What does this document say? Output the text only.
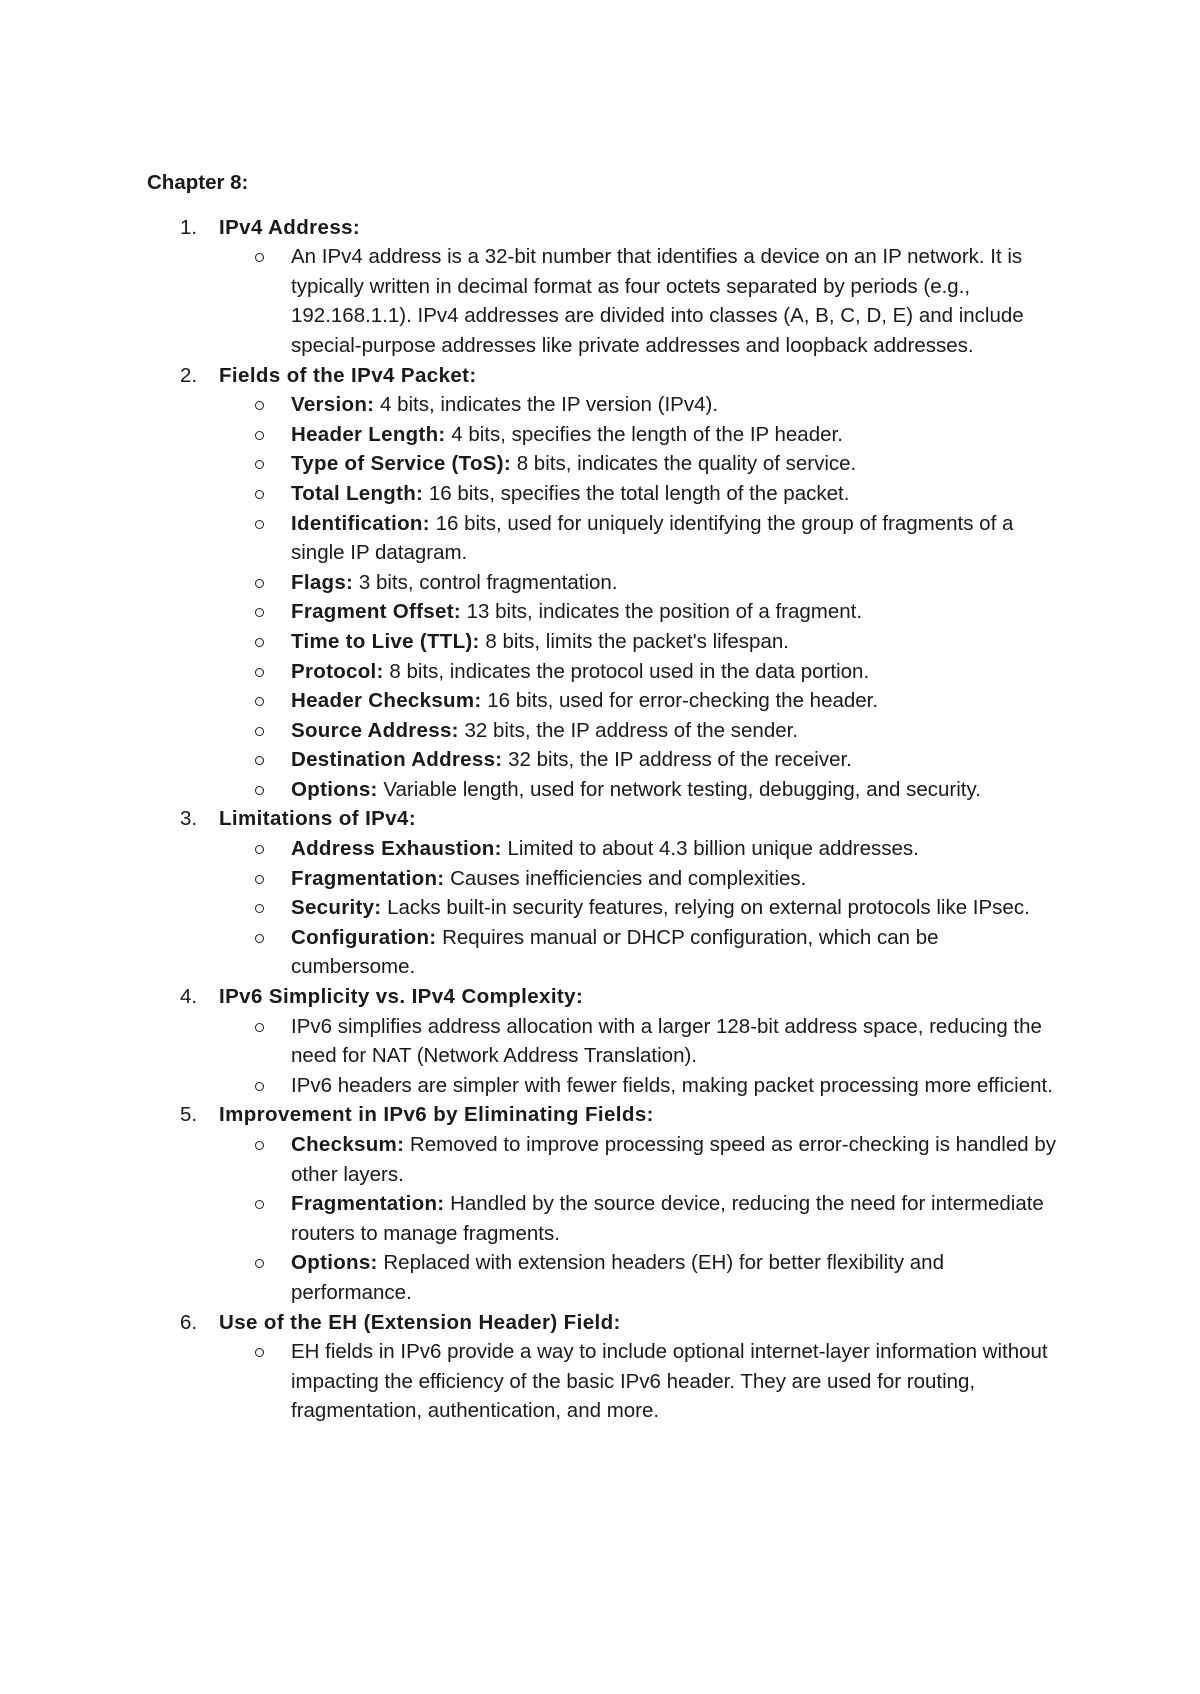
Chapter 8:
1.	IPv4 Address:
An IPv4 address is a 32-bit number that identifies a device on an IP network. It is typically written in decimal format as four octets separated by periods (e.g., 192.168.1.1). IPv4 addresses are divided into classes (A, B, C, D, E) and include special-purpose addresses like private addresses and loopback addresses.
2.	Fields of the IPv4 Packet:
Version: 4 bits, indicates the IP version (IPv4).
Header Length: 4 bits, specifies the length of the IP header.
Type of Service (ToS): 8 bits, indicates the quality of service.
Total Length: 16 bits, specifies the total length of the packet.
Identification: 16 bits, used for uniquely identifying the group of fragments of a single IP datagram.
Flags: 3 bits, control fragmentation.
Fragment Offset: 13 bits, indicates the position of a fragment.
Time to Live (TTL): 8 bits, limits the packet's lifespan.
Protocol: 8 bits, indicates the protocol used in the data portion.
Header Checksum: 16 bits, used for error-checking the header.
Source Address: 32 bits, the IP address of the sender.
Destination Address: 32 bits, the IP address of the receiver.
Options: Variable length, used for network testing, debugging, and security.
3.	Limitations of IPv4:
Address Exhaustion: Limited to about 4.3 billion unique addresses.
Fragmentation: Causes inefficiencies and complexities.
Security: Lacks built-in security features, relying on external protocols like IPsec.
Configuration: Requires manual or DHCP configuration, which can be cumbersome.
4.	IPv6 Simplicity vs. IPv4 Complexity:
IPv6 simplifies address allocation with a larger 128-bit address space, reducing the need for NAT (Network Address Translation).
IPv6 headers are simpler with fewer fields, making packet processing more efficient.
5.	Improvement in IPv6 by Eliminating Fields:
Checksum: Removed to improve processing speed as error-checking is handled by other layers.
Fragmentation: Handled by the source device, reducing the need for intermediate routers to manage fragments.
Options: Replaced with extension headers (EH) for better flexibility and performance.
6.	Use of the EH (Extension Header) Field:
EH fields in IPv6 provide a way to include optional internet-layer information without impacting the efficiency of the basic IPv6 header. They are used for routing, fragmentation, authentication, and more.
